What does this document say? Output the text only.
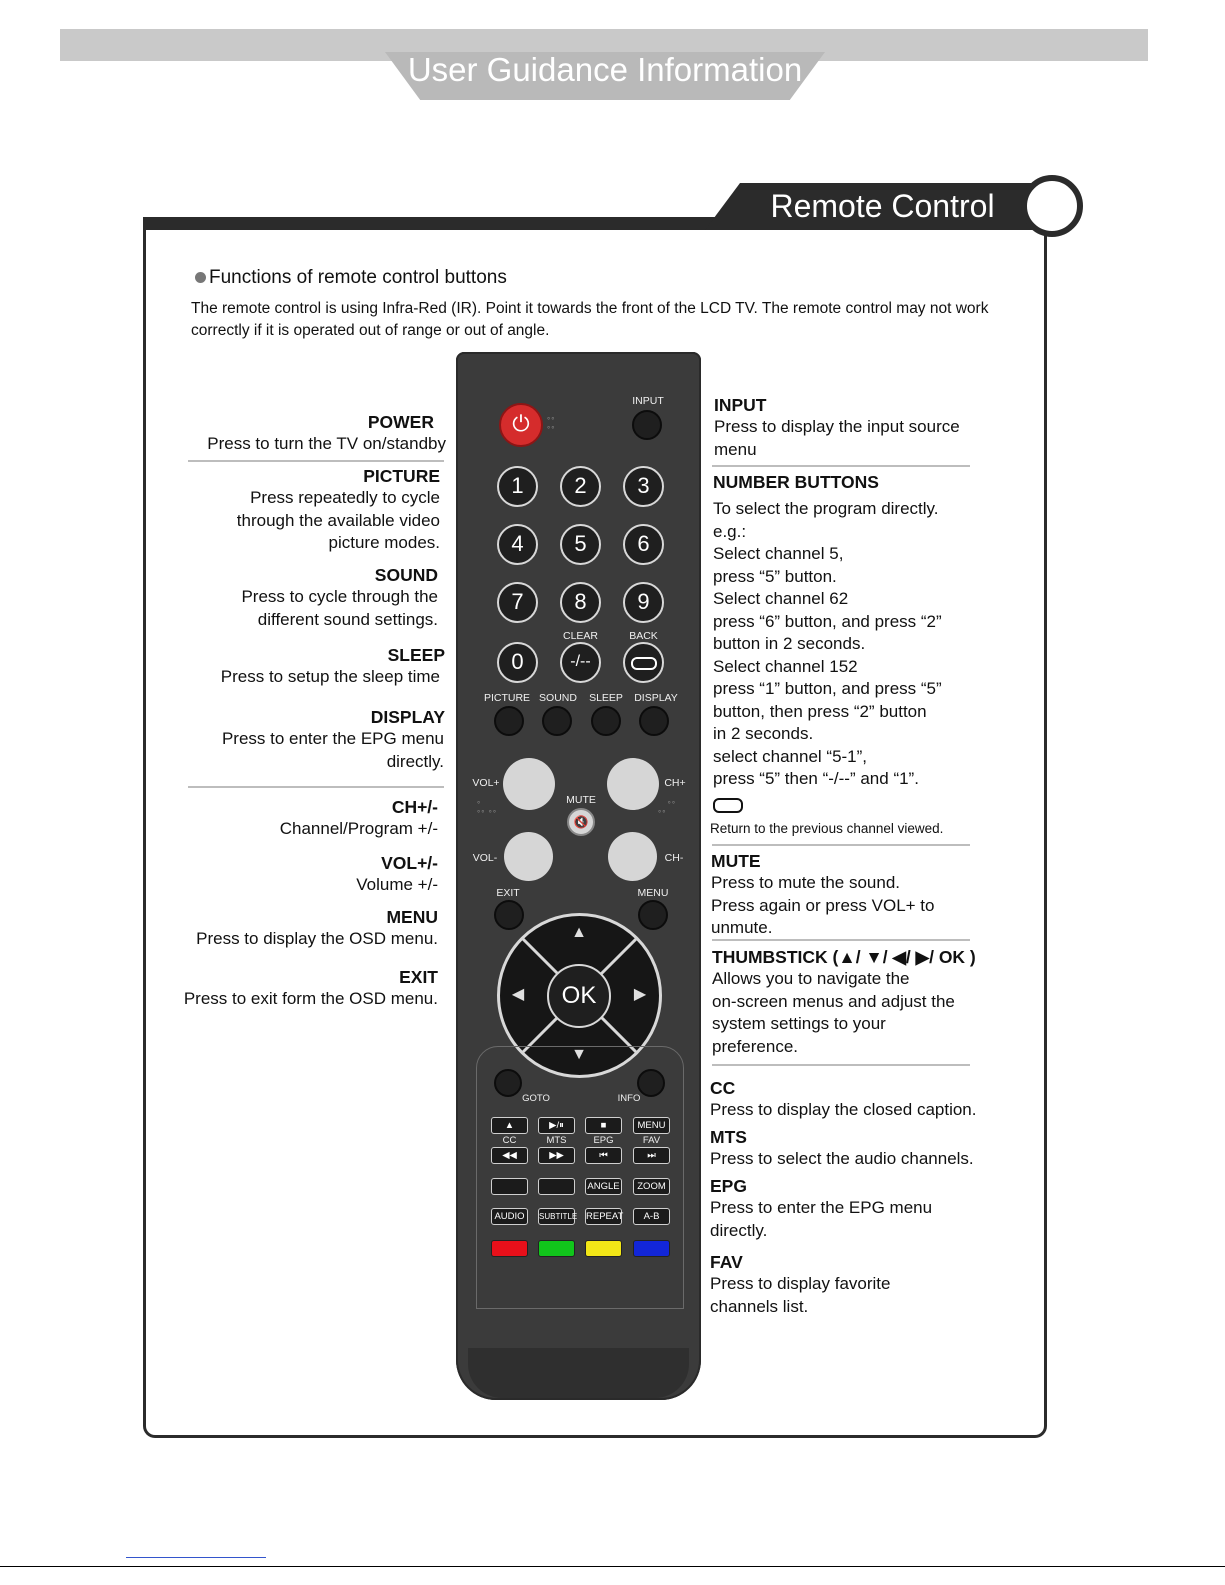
User Guidance Information
Remote Control
Functions of remote control buttons
The remote control is using Infra-Red (IR). Point it towards the front of the LCD TV. The remote control may not work correctly if it is operated out of range or out of angle.
POWER
Press to turn the TV on/standby
PICTURE
Press repeatedly to cycle
through the available video
picture modes.
SOUND
Press to cycle through the
different sound settings.
SLEEP
Press to setup the sleep time
DISPLAY
Press to enter the EPG menu
directly.
CH+/-
Channel/Program +/-
VOL+/-
Volume +/-
MENU
Press to display the OSD menu.
EXIT
Press to exit form the OSD menu.
INPUT
Press to display the input source
menu
NUMBER BUTTONS
To select the program directly.
e.g.:
Select channel 5,
press “5” button.
Select channel 62
press “6” button, and press “2”
button in 2 seconds.
Select channel 152
press “1” button, and press “5”
button, then press “2” button
in 2 seconds.
select channel “5-1”,
press “5” then “-/--” and “1”.
Return to the previous channel viewed.
MUTE
Press to mute the sound.
Press again or press VOL+ to
unmute.
THUMBSTICK (▲/ ▼/ ◀/ ▶/ OK )
Allows you to navigate the
on-screen menus and adjust the
system settings to your
preference.
CC
Press to display the closed caption.
MTS
Press to select the audio channels.
EPG
Press to enter the EPG menu
directly.
FAV
Press to display favorite
channels list.
⏻	°°
°°
INPUT
1	2	3
4	5	6
7	8	9
CLEAR	BACK
0	-/--
PICTURE SOUND	SLEEP	DISPLAY
VOL+	CH+
MUTE
🔇
°
°° °°
°°
°°
VOL-	CH-
EXIT	MENU
▲
▼
◀	▶
OK
GOTO	INFO
▲	▶/⏸	■	MENU
CC	MTS	EPG	FAV
◀◀	▶▶	⏮	⏭
ANGLE	ZOOM
AUDIO	SUBTITLE REPEAT	A-B
